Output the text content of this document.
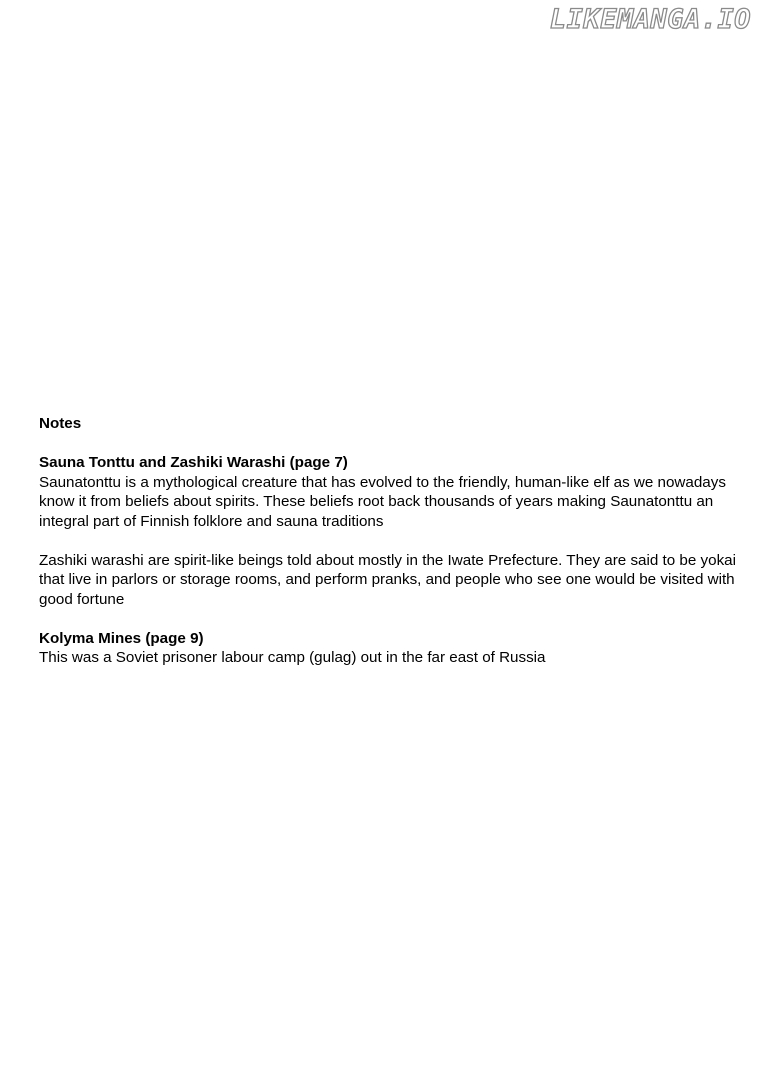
LIKEMANGA.IO

Notes

Sauna Tonttu and Zashiki Warashi (page 7)

Saunatonttu is a mythological creature that has evolved to the friendly, human-like elf as we nowadays know it from beliefs about spirits. These beliefs root back thousands of years making Saunatonttu an integral part of Finnish folklore and sauna traditions

Zashiki warashi are spirit-like beings told about mostly in the Iwate Prefecture. They are said to be yokai that live in parlors or storage rooms, and perform pranks, and people who see one would be visited with good fortune

Kolyma Mines (page 9)

This was a Soviet prisoner labour camp (gulag) out in the far east of Russia
